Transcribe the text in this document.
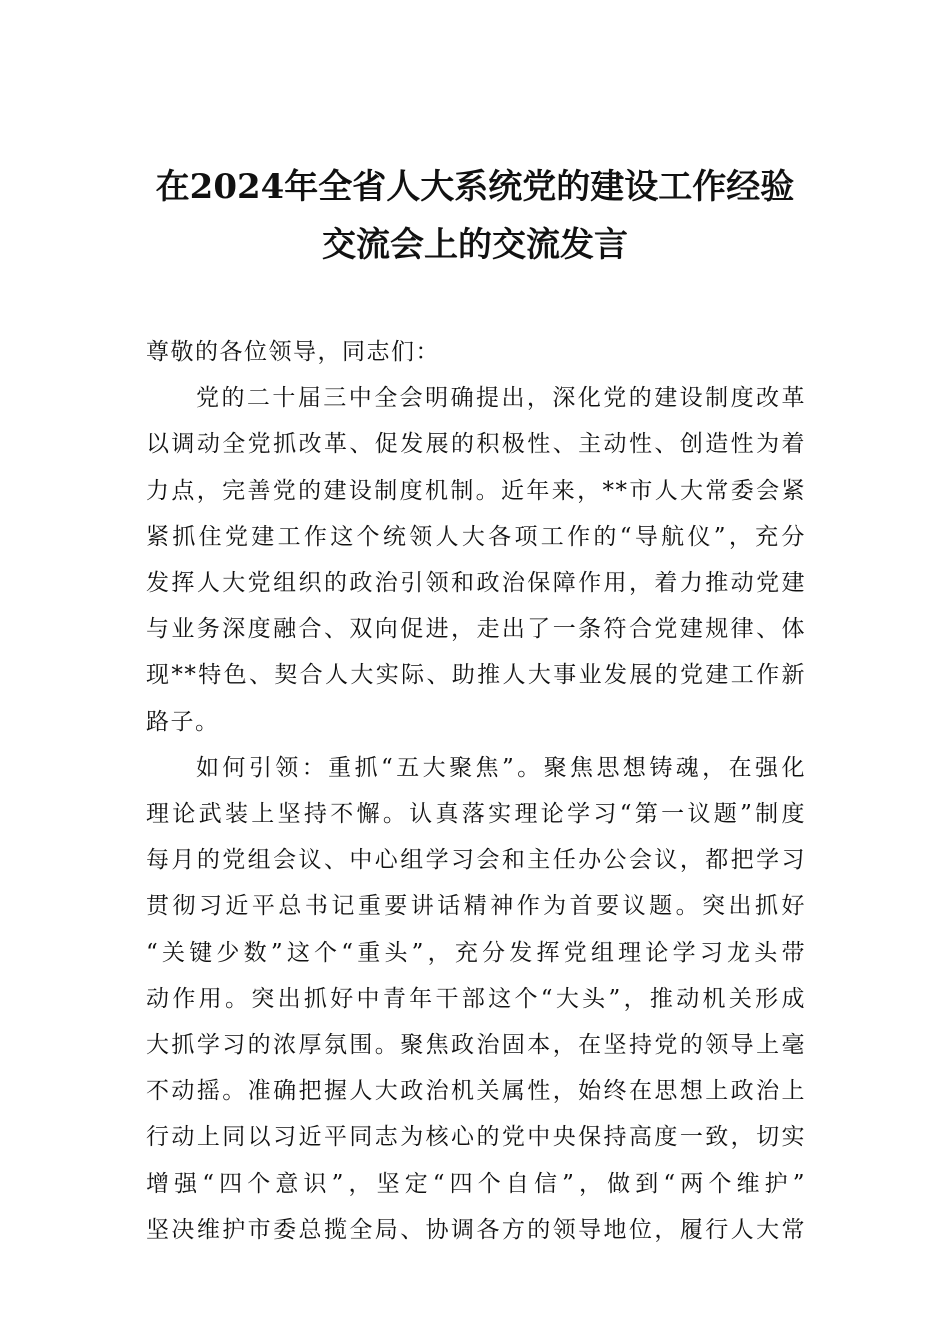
在2024年全省人大系统党的建设工作经验
交流会上的交流发言

尊敬的各位领导，同志们：

党的二十届三中全会明确提出，深化党的建设制度改革
以调动全党抓改革、促发展的积极性、主动性、创造性为着
力点，完善党的建设制度机制。近年来，**市人大常委会紧
紧抓住党建工作这个统领人大各项工作的“导航仪”，充分
发挥人大党组织的政治引领和政治保障作用，着力推动党建
与业务深度融合、双向促进，走出了一条符合党建规律、体
现**特色、契合人大实际、助推人大事业发展的党建工作新
路子。
如何引领：重抓“五大聚焦”。聚焦思想铸魂，在强化
理论武装上坚持不懈。认真落实理论学习“第一议题”制度
每月的党组会议、中心组学习会和主任办公会议，都把学习
贯彻习近平总书记重要讲话精神作为首要议题。突出抓好
“关键少数”这个“重头”，充分发挥党组理论学习龙头带
动作用。突出抓好中青年干部这个“大头”，推动机关形成
大抓学习的浓厚氛围。聚焦政治固本，在坚持党的领导上毫
不动摇。准确把握人大政治机关属性，始终在思想上政治上
行动上同以习近平同志为核心的党中央保持高度一致，切实
增强“四个意识”，坚定“四个自信”，做到“两个维护”
坚决维护市委总揽全局、协调各方的领导地位，履行人大常
